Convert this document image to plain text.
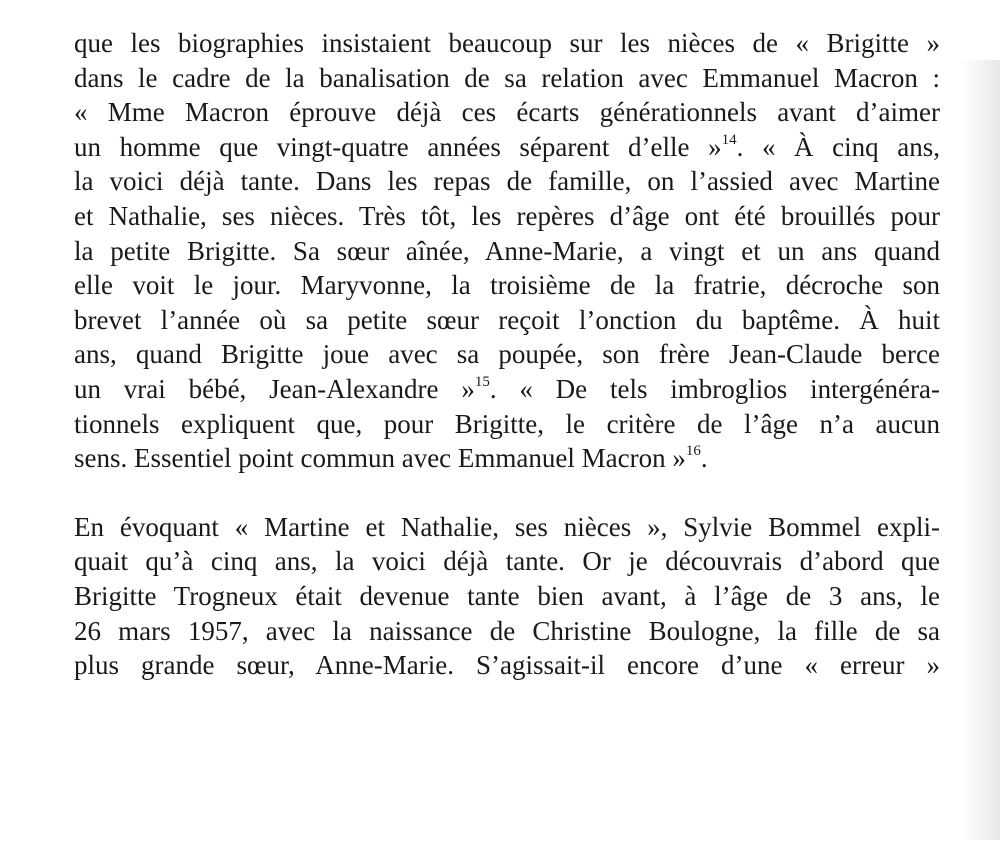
que les biographies insistaient beaucoup sur les nièces de « Brigitte »
dans le cadre de la banalisation de sa relation avec Emmanuel Macron :
« Mme Macron éprouve déjà ces écarts générationnels avant d’aimer
un homme que vingt-quatre années séparent d’elle »$^{14}$. « À cinq ans,
la voici déjà tante. Dans les repas de famille, on l’assied avec Martine
et Nathalie, ses nièces. Très tôt, les repères d’âge ont été brouillés pour
la petite Brigitte. Sa sœur aînée, Anne-Marie, a vingt et un ans quand
elle voit le jour. Maryvonne, la troisième de la fratrie, décroche son
brevet l’année où sa petite sœur reçoit l’onction du baptême. À huit
ans, quand Brigitte joue avec sa poupée, son frère Jean-Claude berce
un vrai bébé, Jean-Alexandre »$^{15}$. « De tels imbroglios intergénéra-
tionnels expliquent que, pour Brigitte, le critère de l’âge n’a aucun
sens. Essentiel point commun avec Emmanuel Macron »$^{16}$.

En évoquant « Martine et Nathalie, ses nièces », Sylvie Bommel expli-
quait qu’à cinq ans, la voici déjà tante. Or je découvrais d’abord que
Brigitte Trogneux était devenue tante bien avant, à l’âge de 3 ans, le
26 mars 1957, avec la naissance de Christine Boulogne, la fille de sa
plus grande sœur, Anne-Marie. S’agissait-il encore d’une « erreur »
